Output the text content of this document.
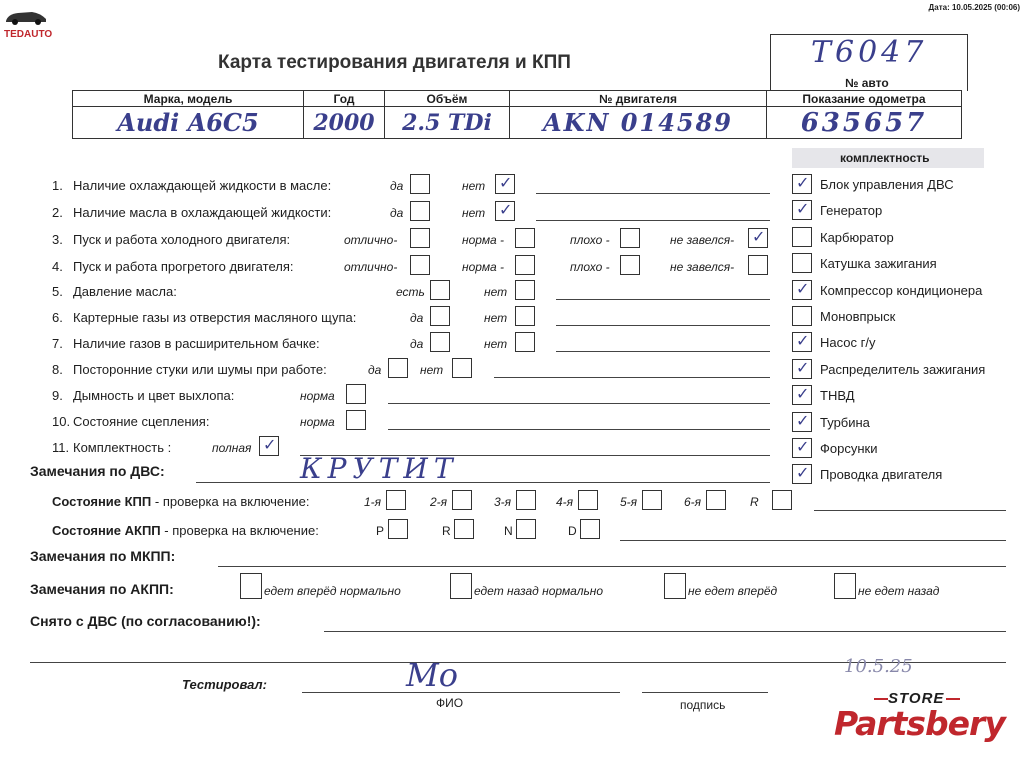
TEDAUTO
Дата: 10.05.2025 (00:06)
Карта тестирования двигателя и КПП	Т6047
№ авто
Марка, модель	Год	Объём	№ двигателя	Показание одометра
Audi A6C5	2000	2.5 TDi	AKN 014589	635657
комплектность
1. Наличие охлаждающей жидкости в масле:	да	нет ✓
2. Наличие масла в охлаждающей жидкости:	да	нет ✓
3. Пуск и работа холодного двигателя:	отлично-	норма -	плохо -	не завелся- ✓
4. Пуск и работа прогретого двигателя:	отлично-	норма -	плохо -	не завелся-
5. Давление масла:	есть	нет
6. Картерные газы из отверстия масляного щупа:	да	нет
7. Наличие газов в расширительном бачке:	да	нет
8. Посторонние стуки или шумы при работе:	да	нет
9. Дымность и цвет выхлопа:	норма
10. Состояние сцепления:	норма
11. Комплектность :	полная ✓
✓ Блок управления ДВС
✓ Генератор
Карбюратор
Катушка зажигания
✓ Компрессор кондиционера
Моновпрыск
✓ Насос г/у
✓ Распределитель зажигания
✓ ТНВД
✓ Турбина
✓ Форсунки
✓ Проводка двигателя
Замечания по ДВС:	КРУТИТ
Состояние КПП - проверка на включение:	1-я	2-я	3-я	4-я	5-я	6-я	R
Состояние АКПП - проверка на включение:	P	R	N	D
Замечания по МКПП:
Замечания по АКПП:	едет вперёд нормально	едет назад нормально	не едет вперёд	не едет назад
Снято с ДВС (по согласованию!):
Тестировал:	Мо
ФИО
10.5.25
подпись	STORE
Partsbery
